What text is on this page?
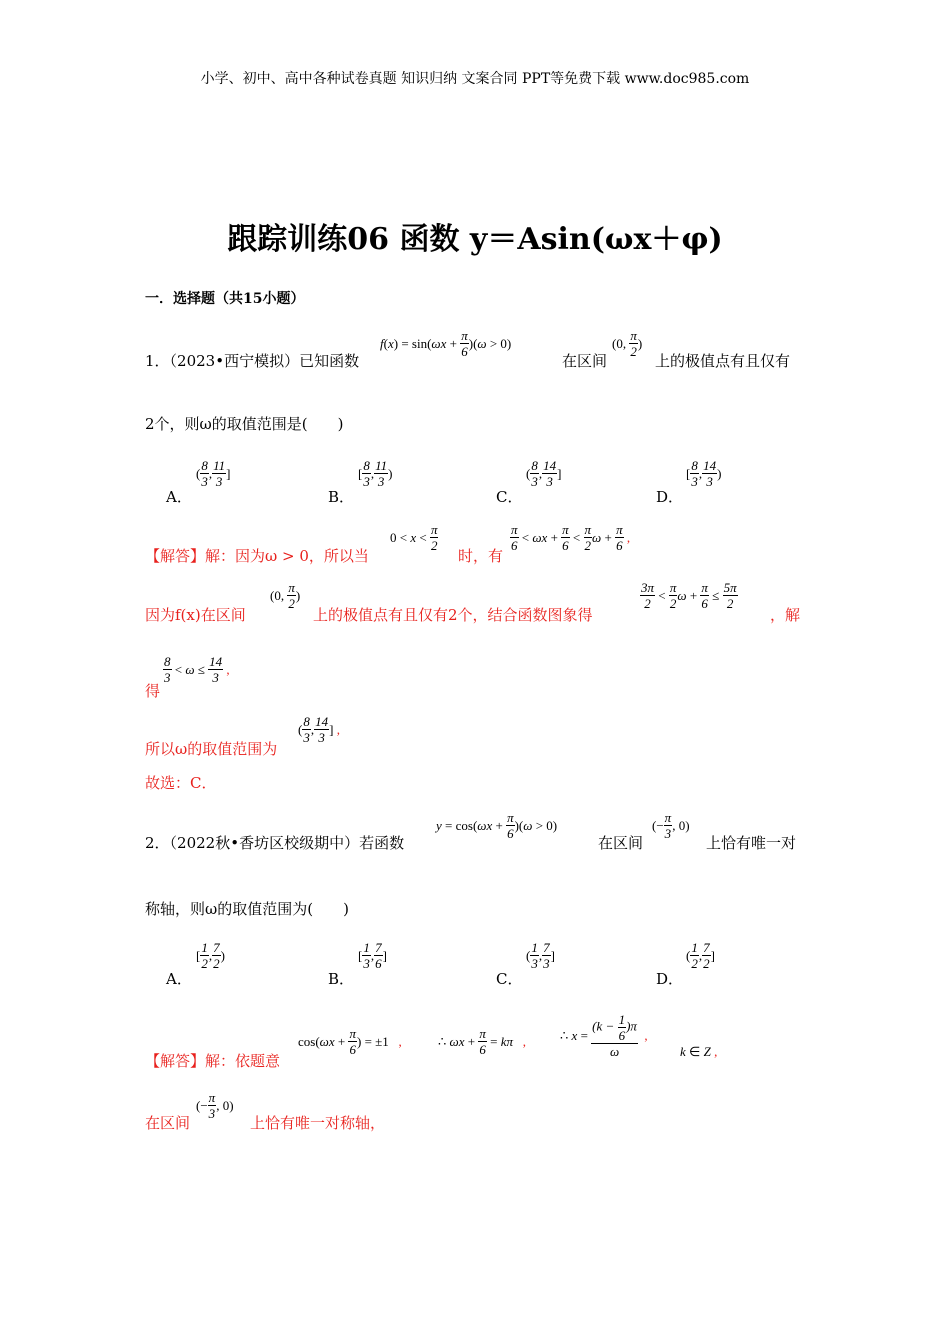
小学、初中、高中各种试卷真题 知识归纳 文案合同 PPT等免费下载 www.doc985.com
跟踪训练06 函数 y＝Asin(ωx＋φ)
一．选择题（共15小题）
1．（2023•西宁模拟）已知函数
f ( x ) = sin( $\omega x + \frac{\pi}{6}$ )( ω > 0)
在区间
(0, $\frac{\pi}{2}$ )
上的极值点有且仅有
2个，则ω的取值范围是(　　)
A．
( $\frac{8}{3}$ , $\frac{11}{3}$ ]
B．
[ $\frac{8}{3}$ , $\frac{11}{3}$ )
C．
( $\frac{8}{3}$ , $\frac{14}{3}$ ]
D．
[ $\frac{8}{3}$ , $\frac{14}{3}$ )
【解答】解：因为ω > 0，所以当
$0 < x < \frac{\pi}{2}$
时，有
$\frac{\pi}{6} < \omega x + \frac{\pi}{6} < \frac{\pi}{2}$ $\omega + \frac{\pi}{6}$ ,
因为f(x)在区间
(0, $\frac{\pi}{2}$ )
上的极值点有且仅有2个，结合函数图象得
$\frac{3\pi}{2} < \frac{\pi}{2}$ $\omega + \frac{\pi}{6} \le \frac{5\pi}{2}$
，解
得
$\frac{8}{3} < \omega \le \frac{14}{3}$ ,
所以ω的取值范围为
( $\frac{8}{3}$ , $\frac{14}{3}$ ] ,
故选：C．
2．（2022秋•香坊区校级期中）若函数
y = cos( $\omega x + \frac{\pi}{6}$ )( ω > 0)
在区间
(− $\frac{\pi}{3}$ , 0)
上恰有唯一对
称轴，则ω的取值范围为(　　)
A．
[ $\frac{1}{2}$ , $\frac{7}{2}$ )
B．
[ $\frac{1}{3}$ , $\frac{7}{6}$ ]
C．
( $\frac{1}{3}$ , $\frac{7}{3}$ ]
D．
( $\frac{1}{2}$ , $\frac{7}{2}$ ]
【解答】解：依题意
cos( $\omega x + \frac{\pi}{6}$ ) = ±1 ,	∴ $\omega x + \frac{\pi}{6} = k\pi$ ,	∴ $x = \frac{(k - \frac{1}{6} )\pi}{\omega}$ ,
k ∈ Z ,
在区间
(− $\frac{\pi}{3}$ , 0)
上恰有唯一对称轴，
